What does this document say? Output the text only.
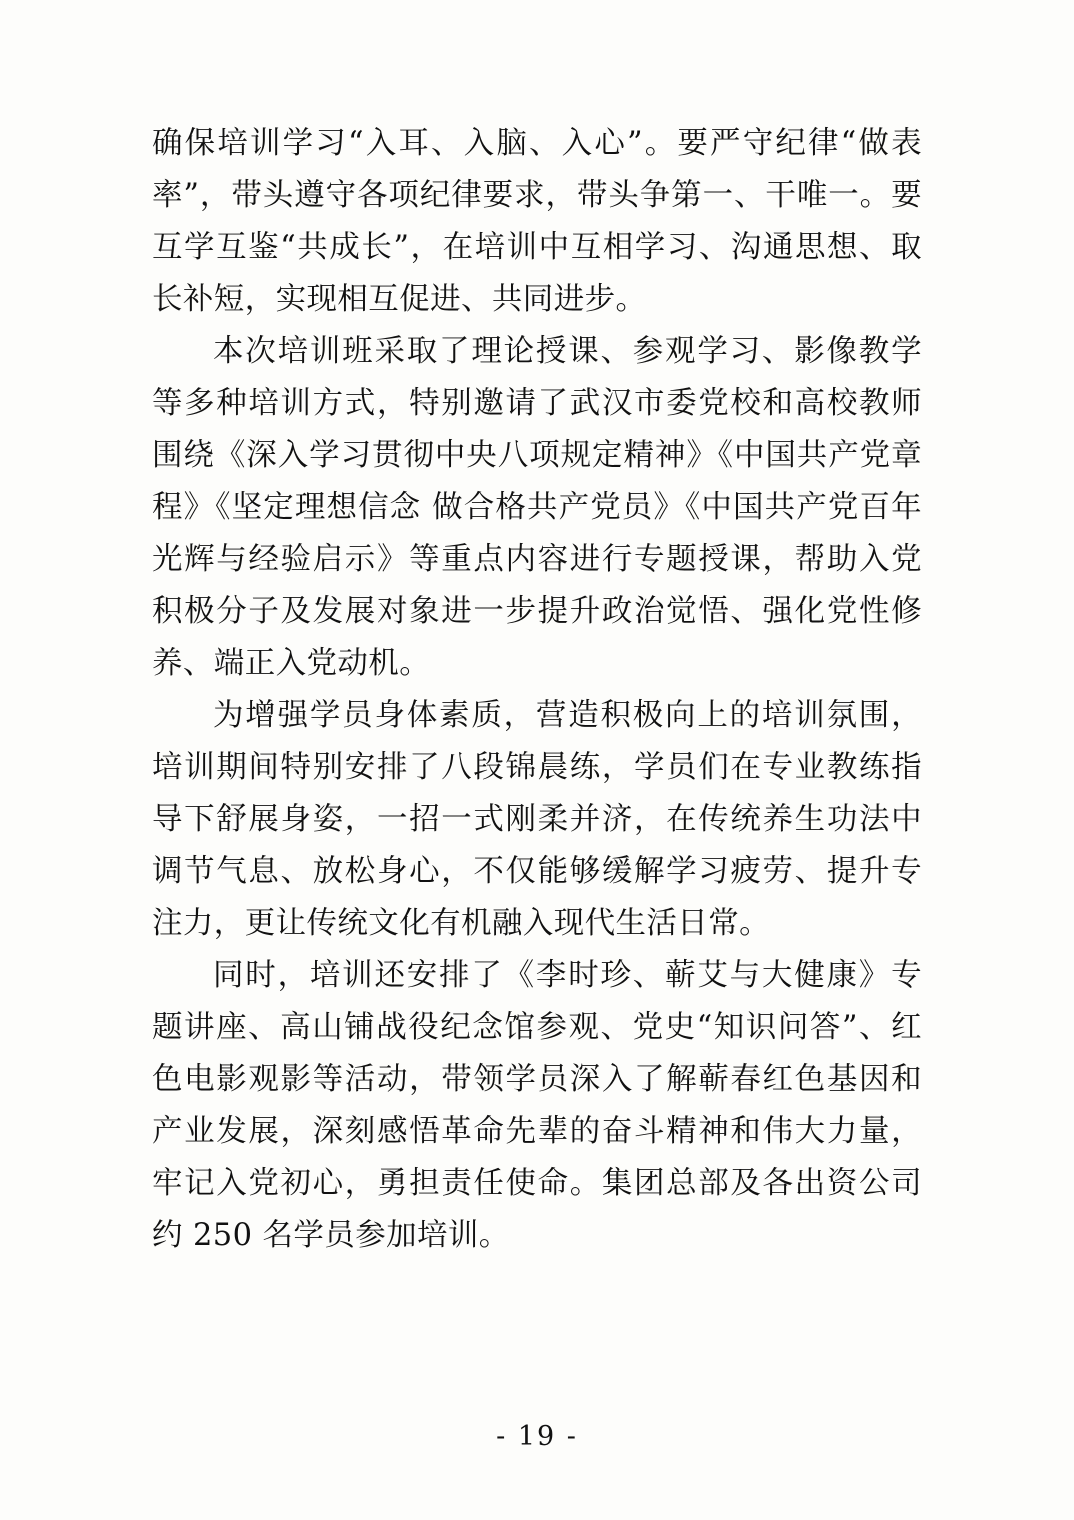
确保培训学习“入耳、入脑、入心”。要严守纪律“做表率”，带头遵守各项纪律要求，带头争第一、干唯一。要互学互鉴“共成长”，在培训中互相学习、沟通思想、取长补短，实现相互促进、共同进步。

本次培训班采取了理论授课、参观学习、影像教学等多种培训方式，特别邀请了武汉市委党校和高校教师围绕《深入学习贯彻中央八项规定精神》《中国共产党章程》《坚定理想信念 做合格共产党员》《中国共产党百年光辉与经验启示》等重点内容进行专题授课，帮助入党积极分子及发展对象进一步提升政治觉悟、强化党性修养、端正入党动机。

为增强学员身体素质，营造积极向上的培训氛围，培训期间特别安排了八段锦晨练，学员们在专业教练指导下舒展身姿，一招一式刚柔并济，在传统养生功法中调节气息、放松身心，不仅能够缓解学习疲劳、提升专注力，更让传统文化有机融入现代生活日常。

同时，培训还安排了《李时珍、蕲艾与大健康》专题讲座、高山铺战役纪念馆参观、党史“知识问答”、红色电影观影等活动，带领学员深入了解蕲春红色基因和产业发展，深刻感悟革命先辈的奋斗精神和伟大力量，牢记入党初心，勇担责任使命。集团总部及各出资公司约 250 名学员参加培训。

- 19 -
